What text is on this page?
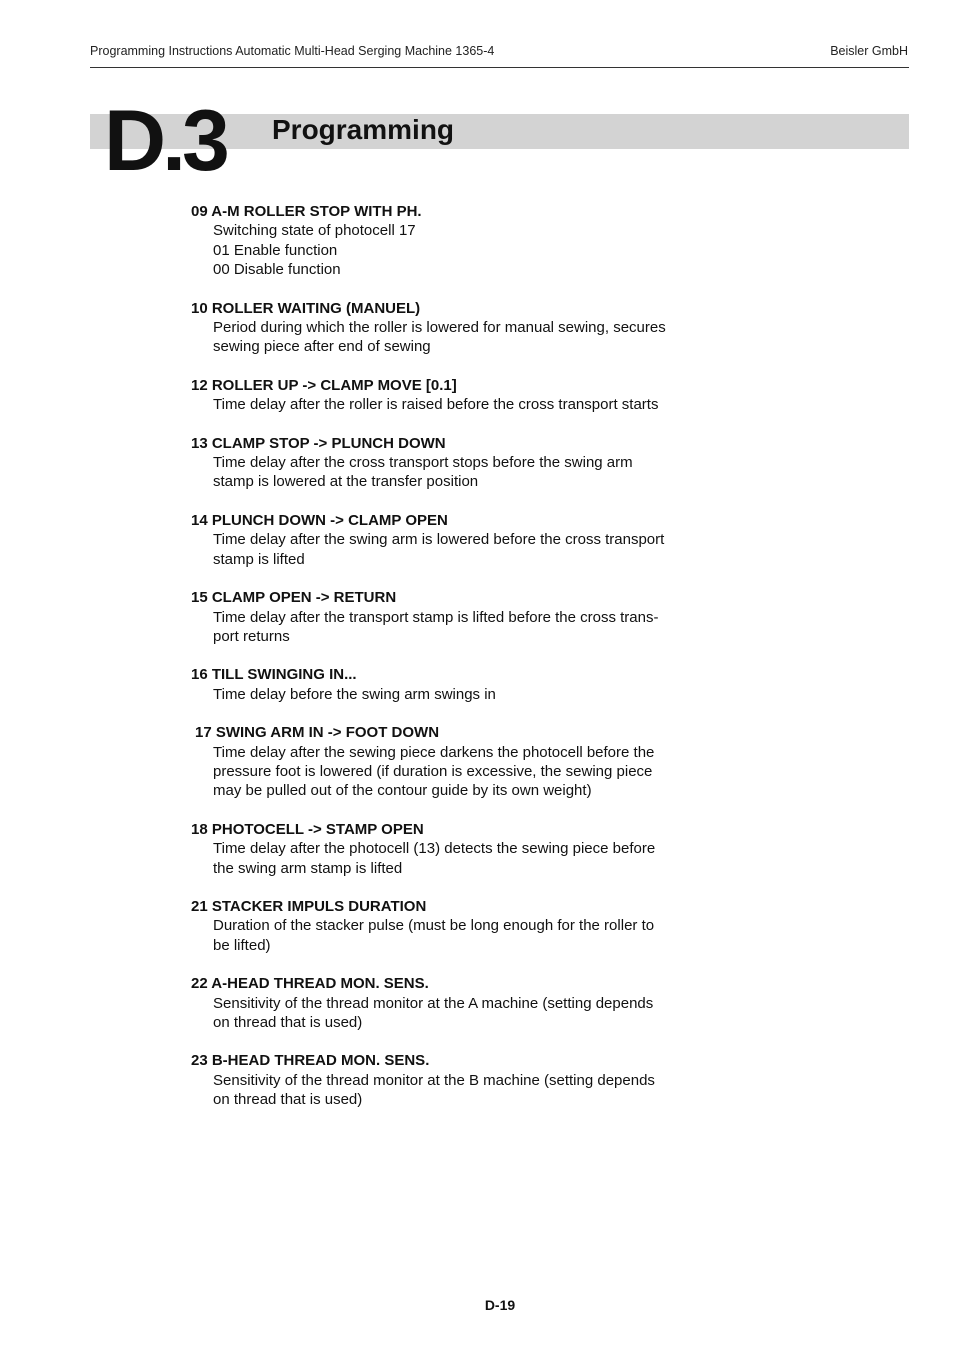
Programming Instructions Automatic Multi-Head Serging Machine 1365-4	Beisler GmbH
D.3 Programming
09 A-M ROLLER STOP WITH PH.
Switching state of photocell 17
01 Enable function
00 Disable function
10 ROLLER WAITING (MANUEL)
Period during which the roller is lowered for manual sewing, secures
sewing piece after end of sewing
12 ROLLER UP -> CLAMP MOVE [0.1]
Time delay after the roller is raised before the cross transport starts
13 CLAMP STOP -> PLUNCH DOWN
Time delay after the cross transport stops before the swing arm
stamp is lowered at the transfer position
14 PLUNCH DOWN -> CLAMP OPEN
Time delay after the swing arm is lowered before the cross transport
stamp is lifted
15 CLAMP OPEN -> RETURN
Time delay after the transport stamp is lifted before the cross trans-
port returns
16 TILL SWINGING IN...
Time delay before the swing arm swings in
17 SWING ARM IN -> FOOT DOWN
Time delay after the sewing piece darkens the photocell before the
pressure foot is lowered (if duration is excessive, the sewing piece
may be pulled out of the contour guide by its own weight)
18 PHOTOCELL -> STAMP OPEN
Time delay after the photocell (13) detects the sewing piece before
the swing arm stamp is lifted
21 STACKER IMPULS DURATION
Duration of the stacker pulse (must be long enough for the roller to
be lifted)
22 A-HEAD THREAD MON. SENS.
Sensitivity of the thread monitor at the A machine (setting depends
on thread that is used)
23 B-HEAD THREAD MON. SENS.
Sensitivity of the thread monitor at the B machine (setting depends
on thread that is used)
D-19
